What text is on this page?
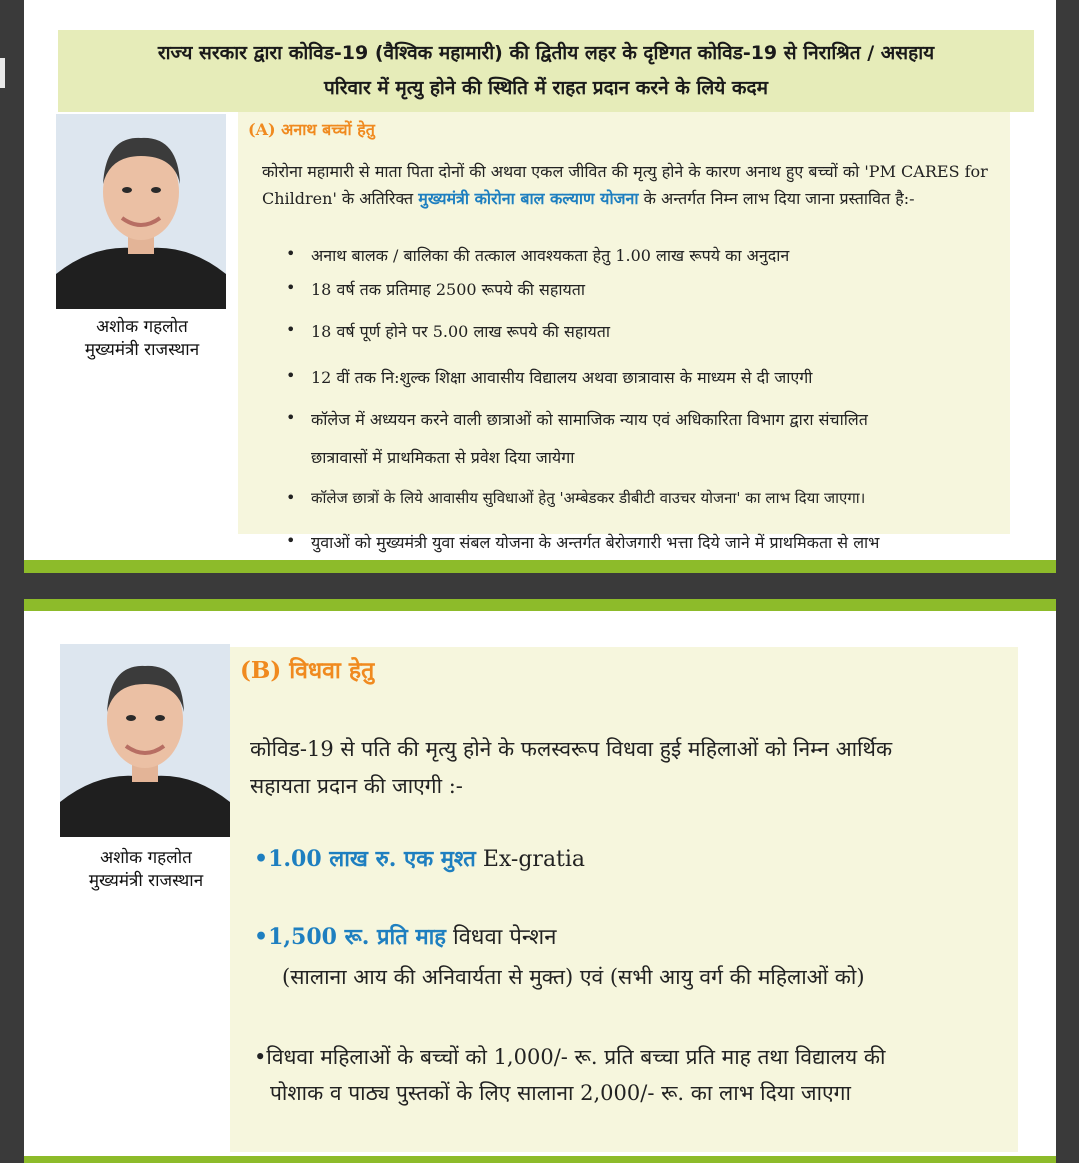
राज्य सरकार द्वारा कोविड-19 (वैश्विक महामारी) की द्वितीय लहर के दृष्टिगत कोविड-19 से निराश्रित / असहाय
परिवार में मृत्यु होने की स्थिति में राहत प्रदान करने के लिये कदम
अशोक गहलोत
मुख्यमंत्री राजस्थान
(A) अनाथ बच्चों हेतु
कोरोना महामारी से माता पिता दोनों की अथवा एकल जीवित की मृत्यु होने के कारण अनाथ हुए बच्चों को 'PM CARES for Children' के अतिरिक्त मुख्यमंत्री कोरोना बाल कल्याण योजना के अन्तर्गत निम्न लाभ दिया जाना प्रस्तावित है:-
• अनाथ बालक / बालिका की तत्काल आवश्यकता हेतु 1.00 लाख रूपये का अनुदान
• 18 वर्ष तक प्रतिमाह 2500 रूपये की सहायता
• 18 वर्ष पूर्ण होने पर 5.00 लाख रूपये की सहायता
• 12 वीं तक नि:शुल्क शिक्षा आवासीय विद्यालय अथवा छात्रावास के माध्यम से दी जाएगी
• कॉलेज में अध्ययन करने वाली छात्राओं को सामाजिक न्याय एवं अधिकारिता विभाग द्वारा संचालित
छात्रावासों में प्राथमिकता से प्रवेश दिया जायेगा
• कॉलेज छात्रों के लिये आवासीय सुविधाओं हेतु 'अम्बेडकर डीबीटी वाउचर योजना' का लाभ दिया जाएगा।
• युवाओं को मुख्यमंत्री युवा संबल योजना के अन्तर्गत बेरोजगारी भत्ता दिये जाने में प्राथमिकता से लाभ
अशोक गहलोत
मुख्यमंत्री राजस्थान
(B) विधवा हेतु
कोविड-19 से पति की मृत्यु होने के फलस्वरूप विधवा हुई महिलाओं को निम्न आर्थिक
सहायता प्रदान की जाएगी :-
•1.00 लाख रु. एक मुश्त Ex-gratia
•1,500 रू. प्रति माह विधवा पेन्शन
(सालाना आय की अनिवार्यता से मुक्त) एवं (सभी आयु वर्ग की महिलाओं को)
•विधवा महिलाओं के बच्चों को 1,000/- रू. प्रति बच्चा प्रति माह तथा विद्यालय की
पोशाक व पाठ्य पुस्तकों के लिए सालाना 2,000/- रू. का लाभ दिया जाएगा
